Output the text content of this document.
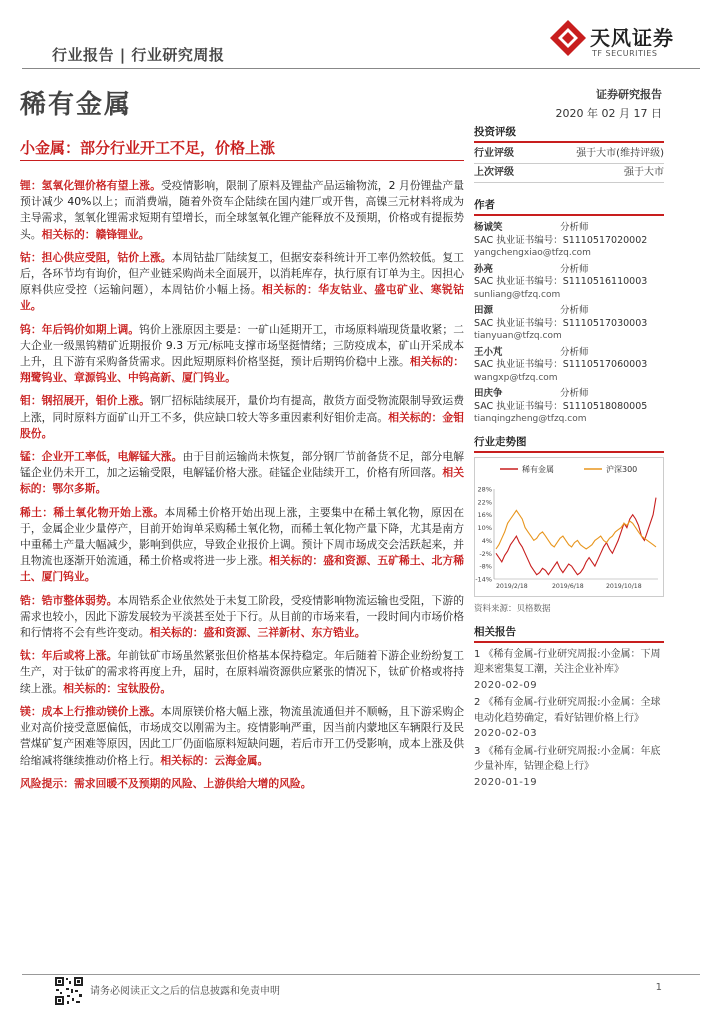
行业报告 | 行业研究周报
天风证券
TF SECURITIES
稀有金属	证券研究报告
2020 年 02 月 17 日
小金属：部分行业开工不足，价格上涨

锂：氢氧化锂价格有望上涨。受疫情影响，限制了原料及锂盐产品运输物流，2 月份锂盐产量预计减少 40%以上；而消费端，随着外资车企陆续在国内建厂或开售，高镍三元材料将成为主导需求，氢氧化锂需求短期有望增长，而全球氢氧化锂产能释放不及预期，价格或有提振势头。相关标的：赣锋锂业。

钴：担心供应受阻，钴价上涨。本周钴盐厂陆续复工，但据安泰科统计开工率仍然较低。复工后，各环节均有询价，但产业链采购尚未全面展开，以消耗库存，执行原有订单为主。因担心原料供应受控（运输问题），本周钴价小幅上扬。相关标的：华友钴业、盛屯矿业、寒锐钴业。

钨：年后钨价如期上调。钨价上涨原因主要是：一矿山延期开工，市场原料端现货量收紧；二大企业一级黑钨精矿近期报价 9.3 万元/标吨支撑市场坚挺情绪；三防疫成本，矿山开采成本上升，且下游有采购备货需求。因此短期原料价格坚挺，预计后期钨价稳中上涨。相关标的：翔鹭钨业、章源钨业、中钨高新、厦门钨业。

钼：钢招展开，钼价上涨。钢厂招标陆续展开，量价均有提高，散货方面受物流限制导致运费上涨，同时原料方面矿山开工不多，供应缺口较大等多重因素利好钼价走高。相关标的：金钼股份。

锰：企业开工率低，电解锰大涨。由于目前运输尚未恢复，部分钢厂节前备货不足，部分电解锰企业仍未开工，加之运输受限，电解锰价格大涨。硅锰企业陆续开工，价格有所回落。相关标的：鄂尔多斯。

稀土：稀土氧化物开始上涨。本周稀土价格开始出现上涨，主要集中在稀土氧化物，原因在于，金属企业少量停产，目前开始询单采购稀土氧化物，而稀土氧化物产量下降，尤其是南方中重稀土产量大幅减少，影响到供应，导致企业报价上调。预计下周市场成交会活跃起来，并且物流也逐渐开始流通，稀土价格或将进一步上涨。相关标的：盛和资源、五矿稀土、北方稀土、厦门钨业。

锆：锆市整体弱势。本周锆系企业依然处于未复工阶段，受疫情影响物流运输也受阻，下游的需求也较小，因此下游发展较为平淡甚至处于下行。从目前的市场来看，一段时间内市场价格和行情将不会有些许变动。相关标的：盛和资源、三祥新材、东方锆业。

钛：年后或将上涨。年前钛矿市场虽然紧张但价格基本保持稳定。年后随着下游企业纷纷复工生产，对于钛矿的需求将再度上升，届时，在原料端资源供应紧张的情况下，钛矿价格或将持续上涨。相关标的：宝钛股份。

镁：成本上行推动镁价上涨。本周原镁价格大幅上涨，物流虽流通但并不顺畅，且下游采购企业对高价接受意愿偏低，市场成交以刚需为主。疫情影响严重，因当前内蒙地区车辆限行及民营煤矿复产困难等原因，因此工厂仍面临原料短缺问题，若后市开工仍受影响，成本上涨及供给缩减将继续推动价格上行。相关标的：云海金属。

风险提示：需求回暖不及预期的风险、上游供给大增的风险。

投资评级
行业评级	强于大市(维持评级)
上次评级	强于大市
作者
杨诚笑	分析师
SAC 执业证书编号：S1110517020002
yangchengxiao@tfzq.com
孙亮	分析师
SAC 执业证书编号：S1110516110003
sunliang@tfzq.com
田源	分析师
SAC 执业证书编号：S1110517030003
tianyuan@tfzq.com
王小芃	分析师
SAC 执业证书编号：S1110517060003
wangxp@tfzq.com
田庆争	分析师
SAC 执业证书编号：S1110518080005
tianqingzheng@tfzq.com
行业走势图
稀有金属	沪深300
28%
22%
16%
10%
4%
-2%
-8%
-14%
2019/2/18	2019/6/18	2019/10/18
资料来源：贝格数据
相关报告
1 《稀有金属-行业研究周报:小金属：下周迎来密集复工潮，关注企业补库》
2020-02-09
2 《稀有金属-行业研究周报:小金属：全球电动化趋势确定，看好钴锂价格上行》
2020-02-03
3 《稀有金属-行业研究周报:小金属：年底少量补库，钴锂企稳上行》
2020-01-19
请务必阅读正文之后的信息披露和免责申明	1
